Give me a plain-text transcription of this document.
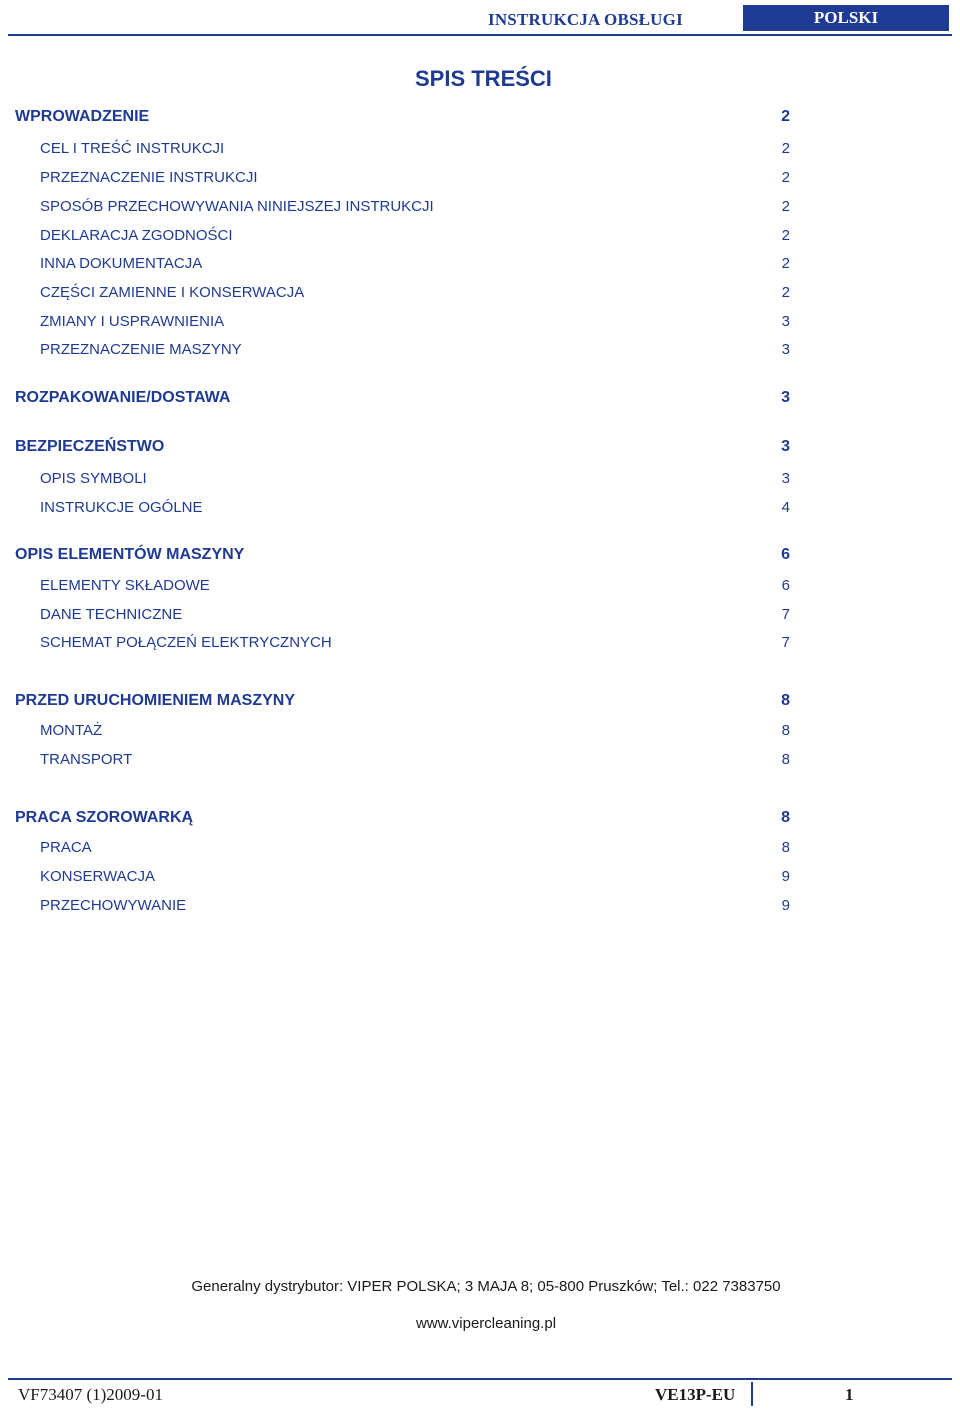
INSTRUKCJA OBSŁUGI	POLSKI
SPIS TREŚCI
WPROWADZENIE	2
CEL I TREŚĆ INSTRUKCJI	2
PRZEZNACZENIE INSTRUKCJI	2
SPOSÓB PRZECHOWYWANIA NINIEJSZEJ INSTRUKCJI	2
DEKLARACJA ZGODNOŚCI	2
INNA DOKUMENTACJA	2
CZĘŚCI ZAMIENNE I KONSERWACJA	2
ZMIANY I USPRAWNIENIA	3
PRZEZNACZENIE MASZYNY	3
ROZPAKOWANIE/DOSTAWA	3
BEZPIECZEŃSTWO	3
OPIS SYMBOLI	3
INSTRUKCJE OGÓLNE	4
OPIS ELEMENTÓW MASZYNY	6
ELEMENTY SKŁADOWE	6
DANE TECHNICZNE	7
SCHEMAT POŁĄCZEŃ ELEKTRYCZNYCH	7
PRZED URUCHOMIENIEM MASZYNY	8
MONTAŻ	8
TRANSPORT	8
PRACA SZOROWARKĄ	8
PRACA	8
KONSERWACJA	9
PRZECHOWYWANIE	9
Generalny dystrybutor: VIPER POLSKA; 3 MAJA 8; 05-800 Pruszków; Tel.: 022 7383750
www.vipercleaning.pl
VF73407 (1)2009-01	VE13P-EU	1
